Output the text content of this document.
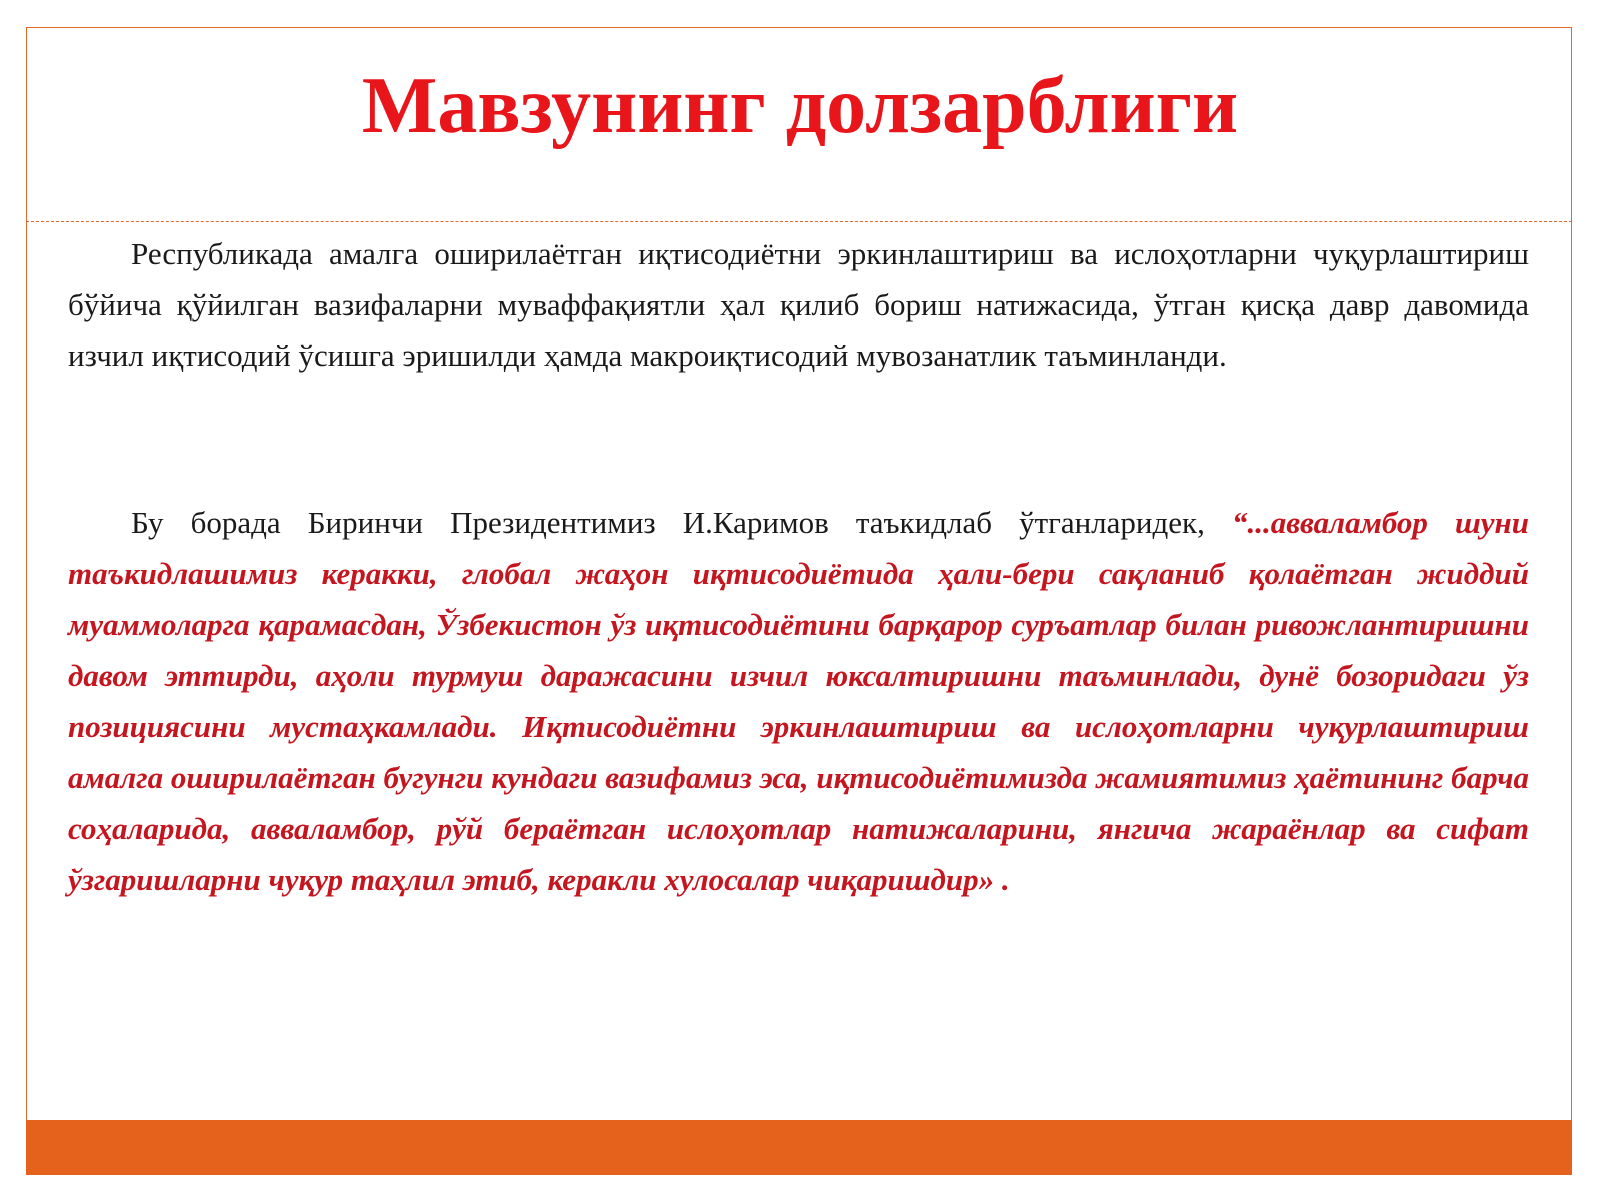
Мавзунинг долзарблиги

Республикада амалга оширилаётган иқтисодиётни эркинлаштириш ва ислоҳотларни чуқурлаштириш бўйича қўйилган вазифаларни муваффақиятли ҳал қилиб бориш натижасида, ўтган қисқа давр давомида изчил иқтисодий ўсишга эришилди ҳамда макроиқтисодий мувозанатлик таъминланди.

Бу борада Биринчи Президентимиз И.Каримов таъкидлаб ўтганларидек, “...авваламбор шуни таъкидлашимиз керакки, глобал жаҳон иқтисодиётида ҳали-бери сақланиб қолаётган жиддий муаммоларга қарамасдан, Ўзбекистон ўз иқтисодиётини барқарор суръатлар билан ривожлантиришни давом эттирди, аҳоли турмуш даражасини изчил юксалтиришни таъминлади, дунё бозоридаги ўз позициясини мустаҳкамлади. Иқтисодиётни эркинлаштириш ва ислоҳотларни чуқурлаштириш амалга оширилаётган бугунги кундаги вазифамиз эса, иқтисодиётимизда жамиятимиз ҳаётининг барча соҳаларида, авваламбор, рўй бераётган ислоҳотлар натижаларини, янгича жараёнлар ва сифат ўзгаришларни чуқур таҳлил этиб, керакли хулосалар чиқаришдир» .
